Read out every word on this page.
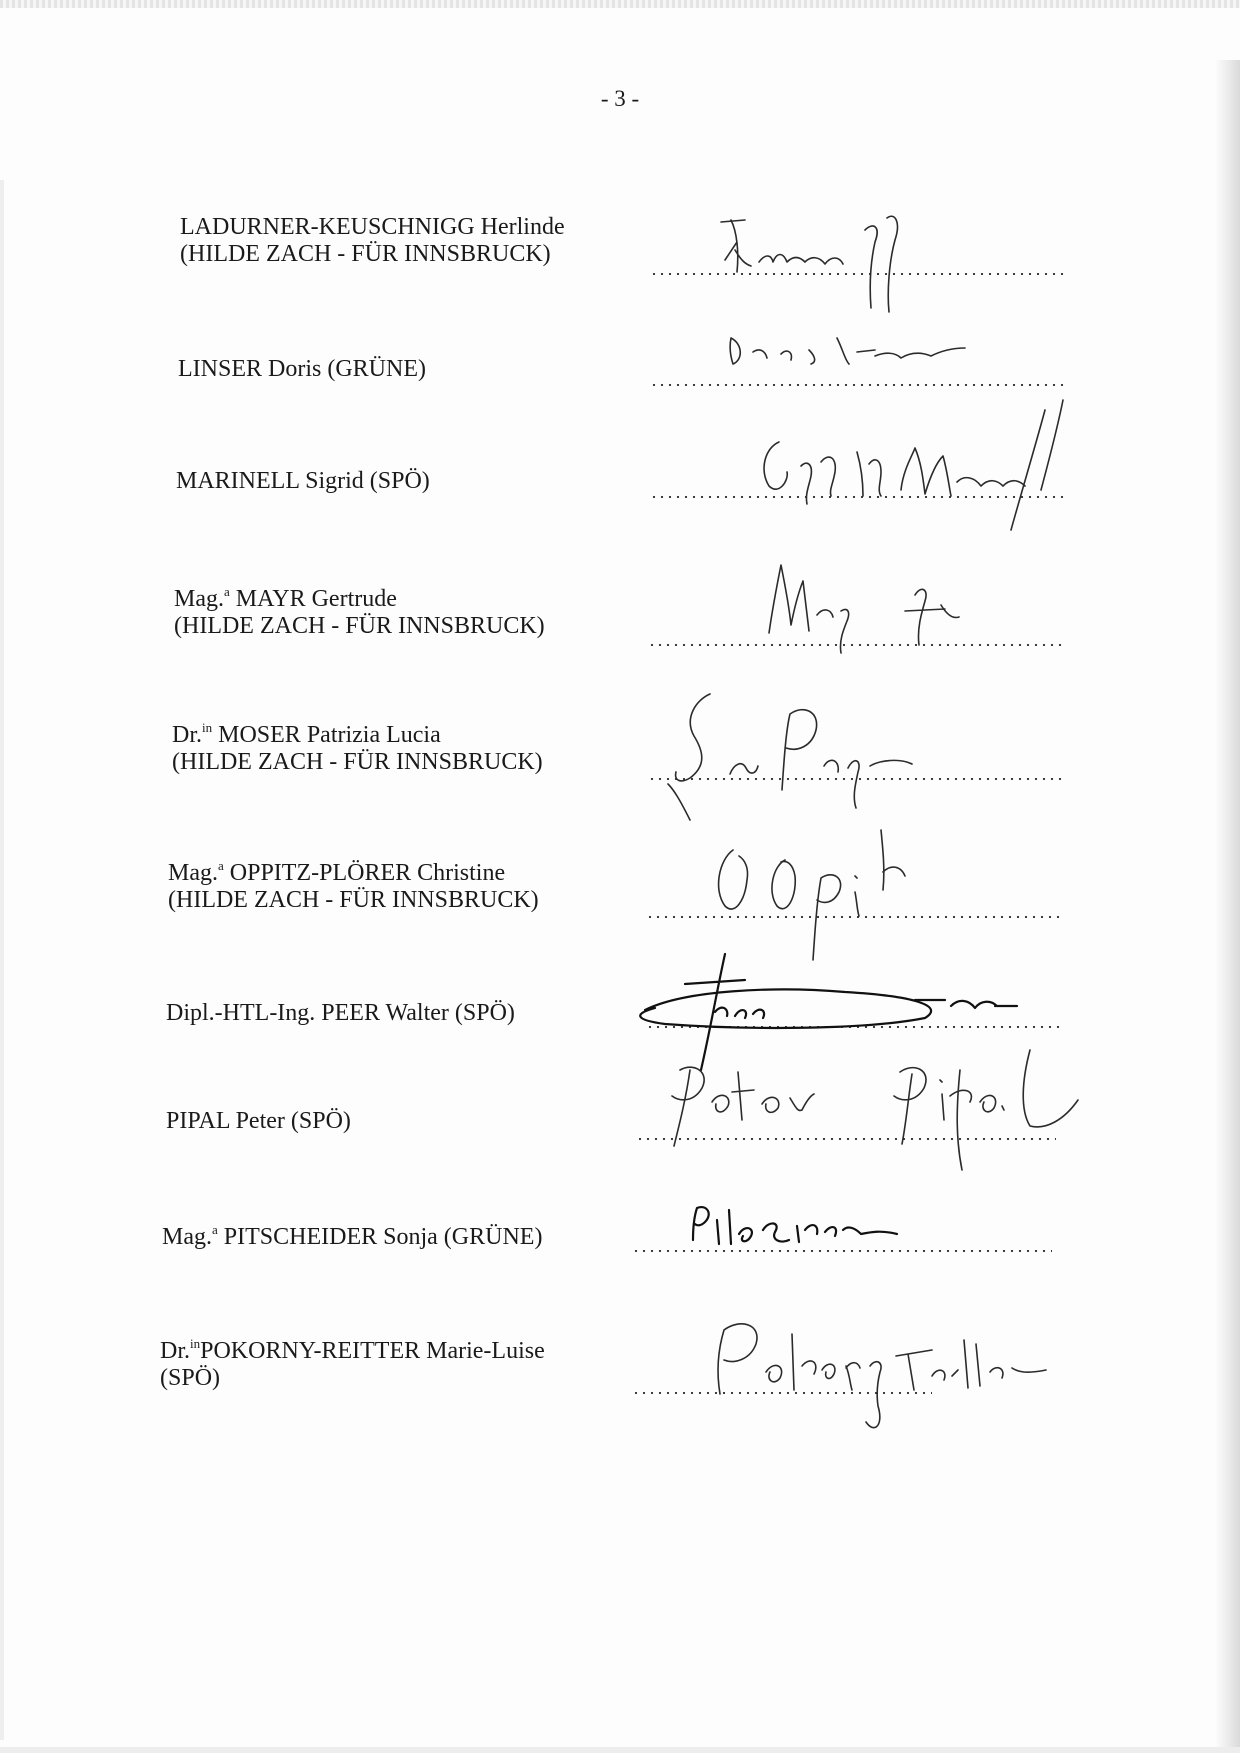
- 3 -
LADURNER-KEUSCHNIGG Herlinde
(HILDE ZACH - FÜR INNSBRUCK)
LINSER Doris (GRÜNE)
MARINELL Sigrid (SPÖ)
Mag.$^a$ MAYR Gertrude
(HILDE ZACH - FÜR INNSBRUCK)
Dr.$^{in}$ MOSER Patrizia Lucia
(HILDE ZACH - FÜR INNSBRUCK)
Mag.$^a$ OPPITZ-PLÖRER Christine
(HILDE ZACH - FÜR INNSBRUCK)
Dipl.-HTL-Ing. PEER Walter (SPÖ)
PIPAL Peter (SPÖ)
Mag.$^a$ PITSCHEIDER Sonja (GRÜNE)
Dr.$^{in}$POKORNY-REITTER Marie-Luise
(SPÖ)
